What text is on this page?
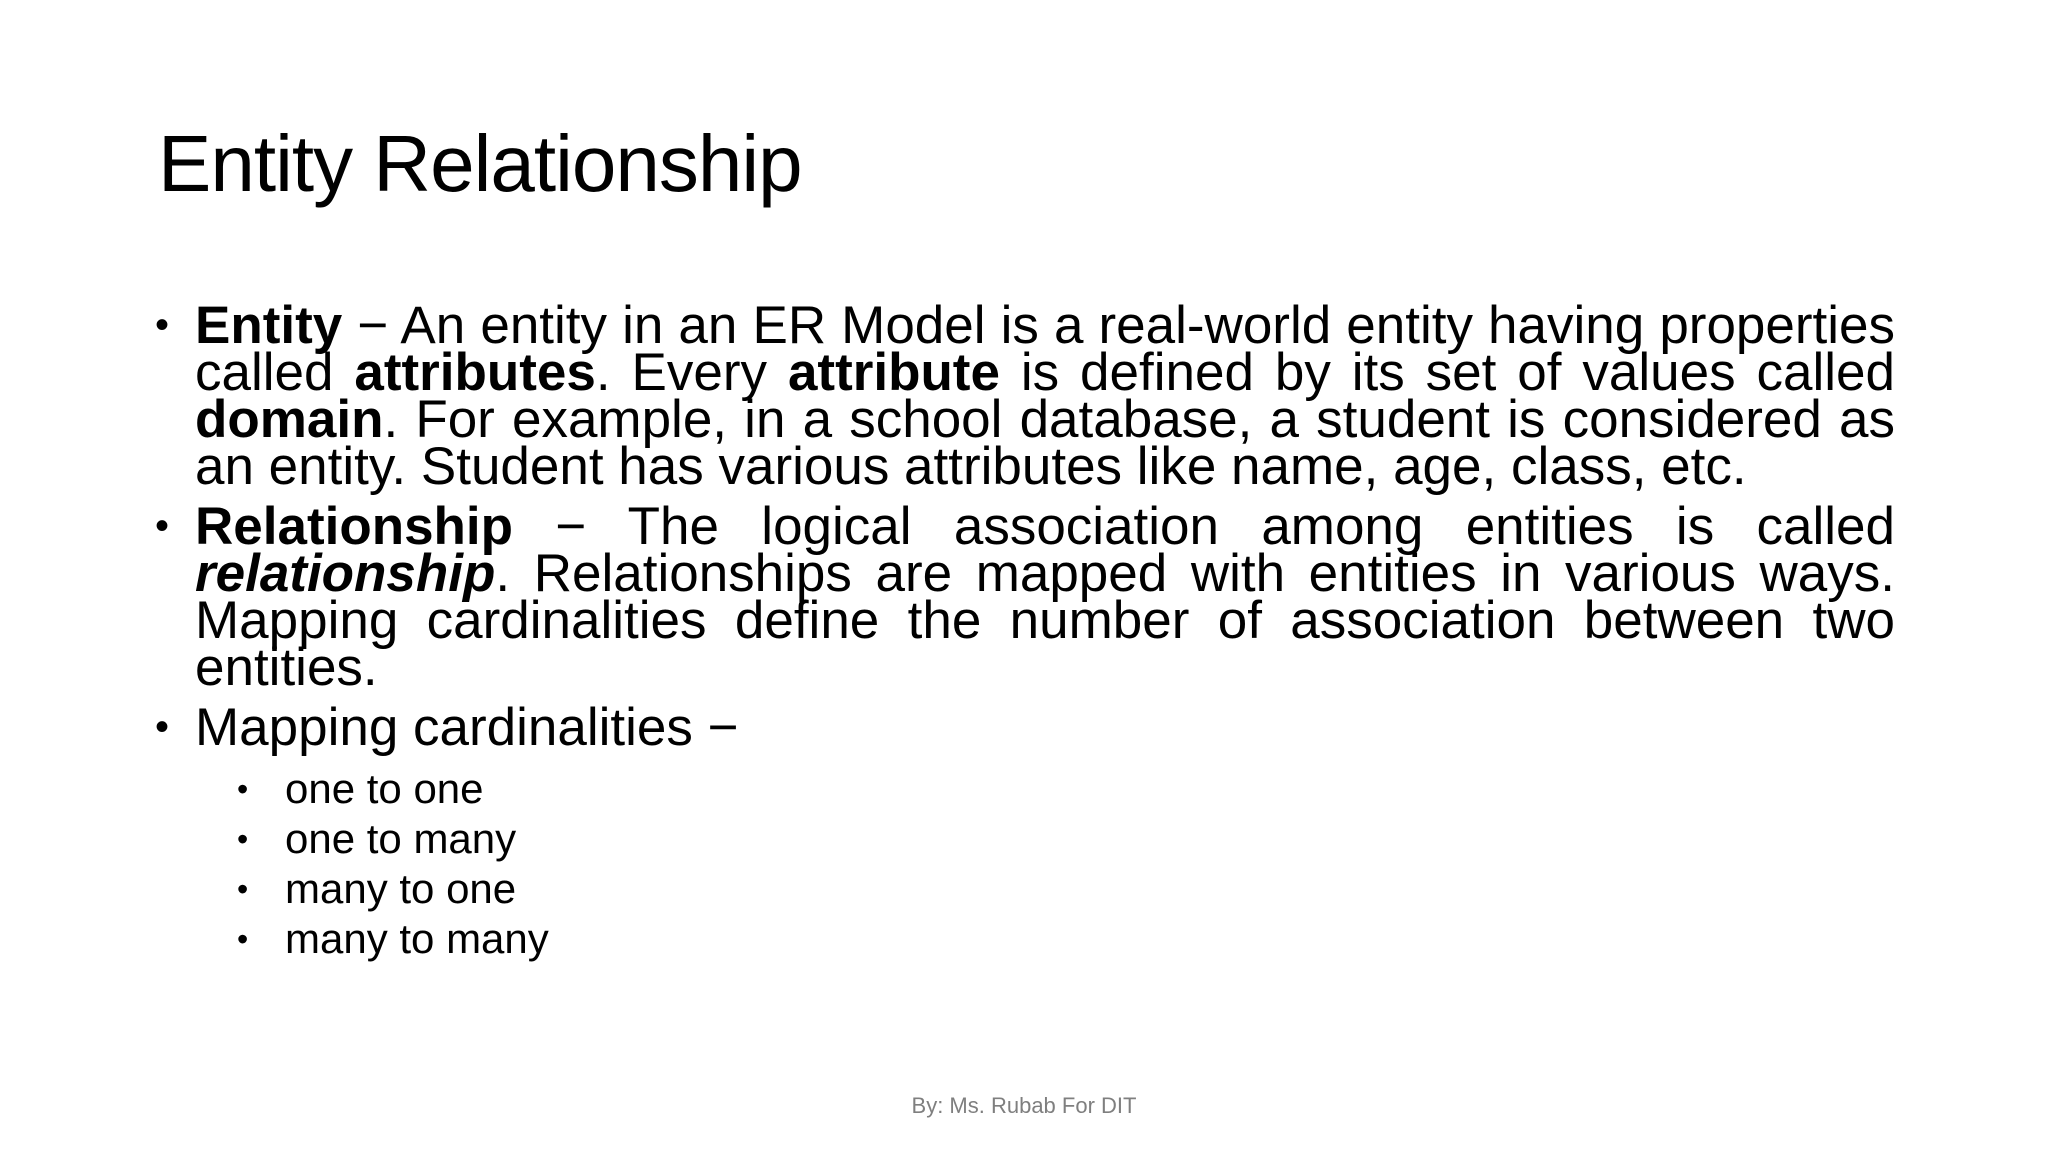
Entity Relationship

• Entity − An entity in an ER Model is a real-world entity having properties called attributes. Every attribute is defined by its set of values called domain. For example, in a school database, a student is considered as an entity. Student has various attributes like name, age, class, etc.

• Relationship − The logical association among entities is called relationship. Relationships are mapped with entities in various ways. Mapping cardinalities define the number of association between two entities.

• Mapping cardinalities −
• one to one
• one to many
• many to one
• many to many
By: Ms. Rubab For DIT
